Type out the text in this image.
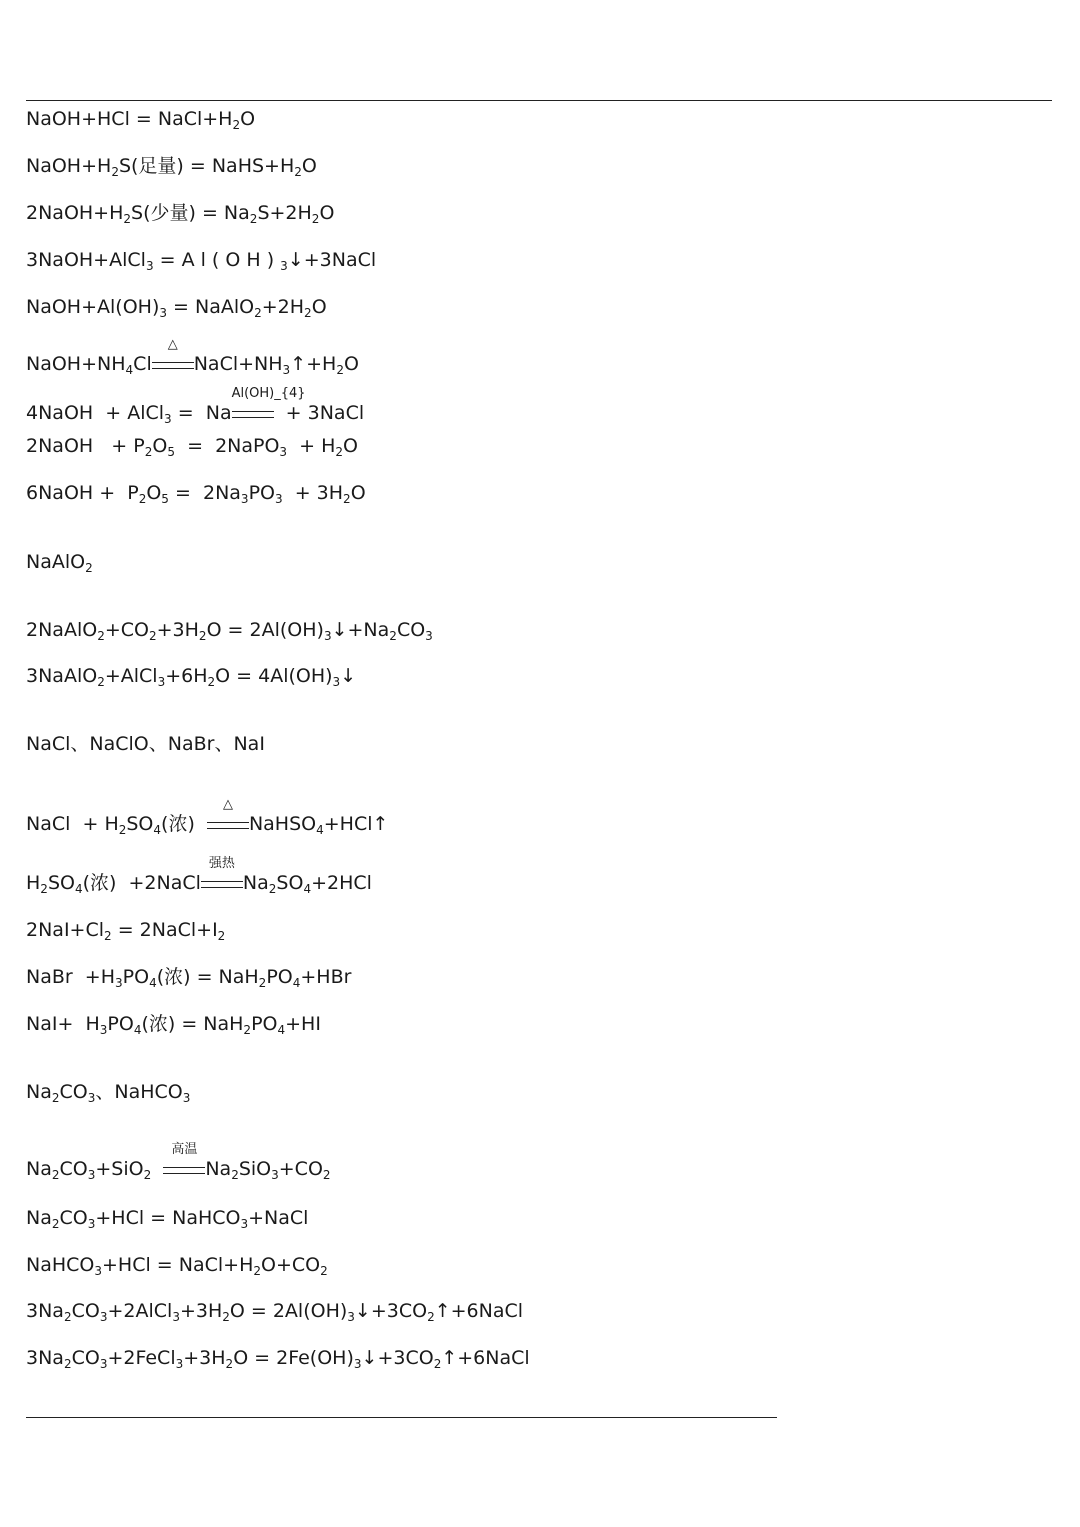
NaOH+HCl = $NaCl+H_2O$
$NaOH+H_2S$(足量) = $NaHS+H_2O$
$2NaOH+H_2S$(少量) = $Na_2S+2H_2O$
3NaOH+AlCl$_3$ = A l ( O H ) $_3$↓+3NaCl
$NaOH+Al(OH)_3$ = $NaAlO_2+2H_2O$
$NaOH+NH_4Cl$
△
$NaCl+NH_3↑+H_2O$
4NaOH  + AlCl$_3$ =  Na
Al(OH)_{4}
+ 3NaCl
2NaOH   + $P_2O_5$  =  2NaPO$_3$  + $H_2O$
6NaOH +  $P_2O_5 = 2Na_3PO_3 + 3H_2O$
NaAlO$_2$
$2NaAlO_2+CO_2+3H_2O$ = $2Al(OH)_3↓+Na_2CO_3$
$3NaAlO_2+AlCl_3+6H_2O$ = $4Al(OH)_3↓$
NaCl、NaClO、NaBr、NaI
NaCl  + $H_2SO_4$(浓)
△
NaHSO$_4$+HCl↑
$H_2SO_4$(浓)  +2NaCl
强热
$Na_2SO_4+2HCl$
$2NaI+Cl_2$ = $2NaCl+I_2$
NaBr  $+H_3PO_4$(浓) = $NaH_2PO_4+HBr$
$NaI+ H_3PO_4$(浓) = $NaH_2PO_4+HI$
$Na_2CO_3$、NaHCO$_3$
$Na_2CO_3+SiO_2$
高温
$Na_2SiO_3+CO_2$
$Na_2CO_3+HCl$ = NaHCO$_3$+NaCl
NaHCO$_3$+HCl = $NaCl+H_2O+CO_2$
$3Na_2CO_3+2AlCl_3+3H_2O$ = $2Al(OH)_3↓+3CO_2↑+6NaCl$
$3Na_2CO_3+2FeCl_3+3H_2O$ = $2Fe(OH)_3↓+3CO_2↑+6NaCl$
